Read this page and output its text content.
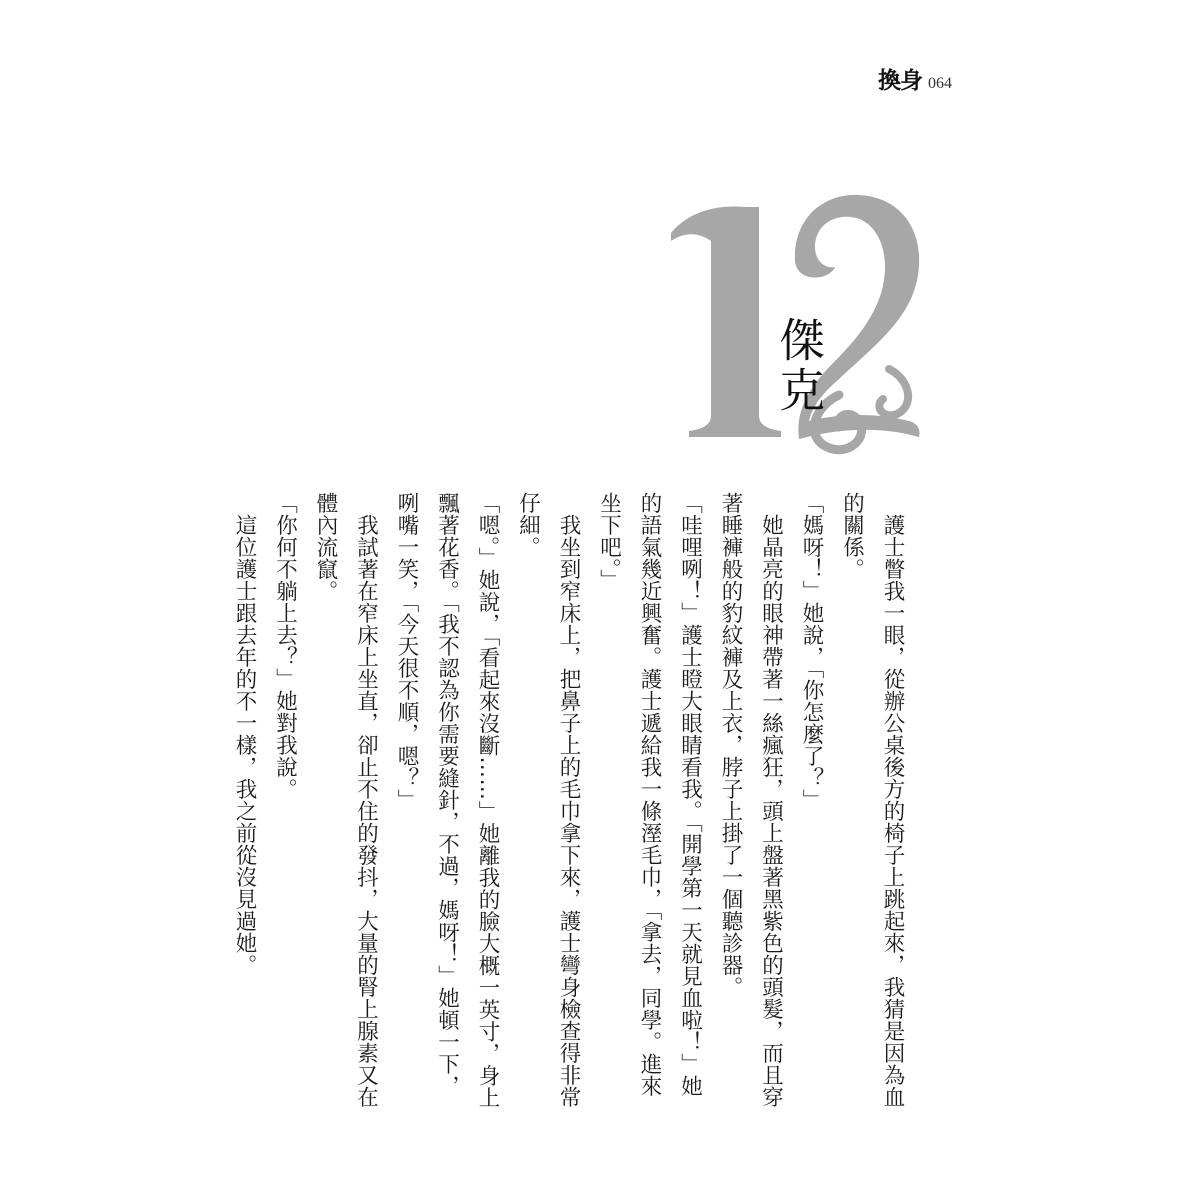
換身 064
傑克

護士瞥我一眼，從辦公桌後方的椅子上跳起來，我猜是因為血的關係。

「媽呀！」她說，「你怎麼了？」

她晶亮的眼神帶著一絲瘋狂，頭上盤著黑紫色的頭髮，而且穿著睡褲般的豹紋褲及上衣，脖子上掛了一個聽診器。

「哇哩咧！」護士瞪大眼睛看我。「開學第一天就見血啦！」她的語氣幾近興奮。護士遞給我一條溼毛巾，「拿去，同學。進來坐下吧。」

我坐到窄床上，把鼻子上的毛巾拿下來，護士彎身檢查得非常仔細。

「嗯。」她說，「看起來沒斷……」她離我的臉大概一英寸，身上飄著花香。「我不認為你需要縫針，不過，媽呀！」她頓一下，咧嘴一笑，「今天很不順，嗯？」

我試著在窄床上坐直，卻止不住的發抖，大量的腎上腺素又在體內流竄。

「你何不躺上去？」她對我說。

這位護士跟去年的不一樣，我之前從沒見過她。
